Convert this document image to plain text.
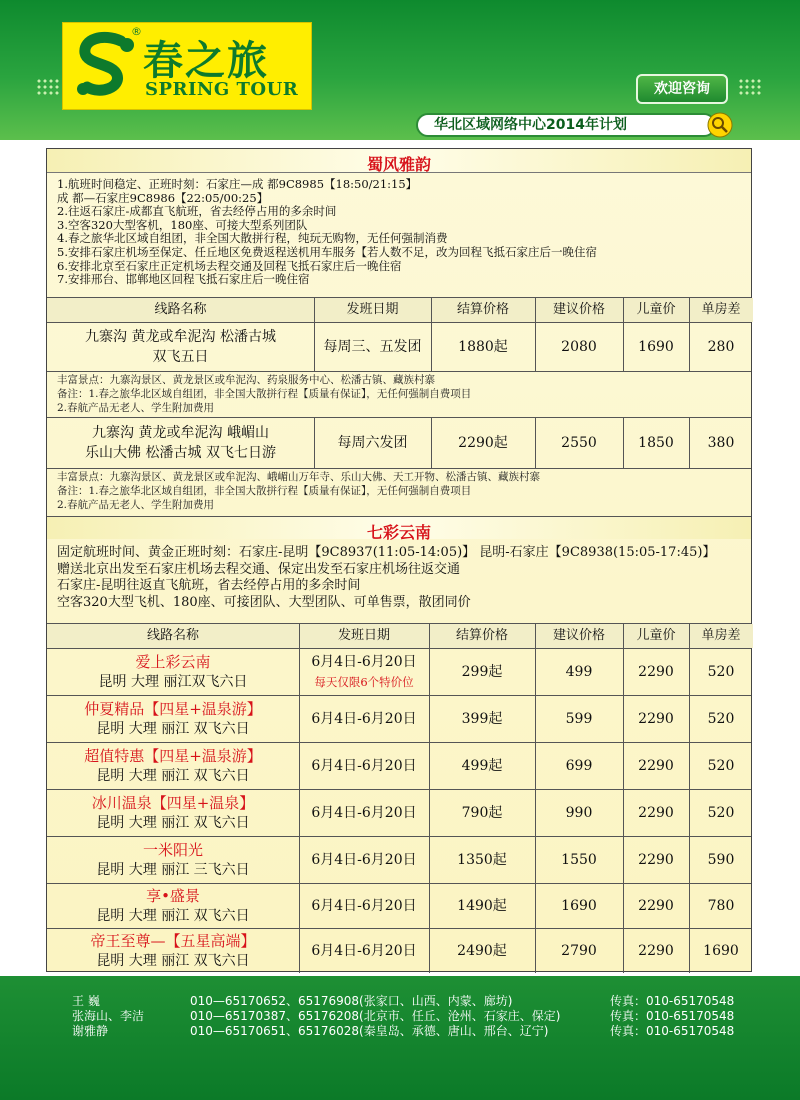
®
春之旅
SPRING TOUR	欢迎咨询
华北区域网络中心2014年计划
蜀风雅韵
1.航班时间稳定、正班时刻：石家庄—成 都9C8985【18:50/21:15】
成 都—石家庄9C8986【22:05/00:25】
2.往返石家庄-成都直飞航班，省去经停占用的多余时间
3.空客320大型客机，180座、可接大型系列团队
4.春之旅华北区域自组团，非全国大散拼行程，纯玩无购物，无任何强制消费
5.安排石家庄机场至保定、任丘地区免费返程送机用车服务【若人数不足，改为回程飞抵石家庄后一晚住宿
6.安排北京至石家庄正定机场去程交通及回程飞抵石家庄后一晚住宿
7.安排邢台、邯郸地区回程飞抵石家庄后一晚住宿
线路名称	发班日期	结算价格	建议价格	儿童价	单房差
九寨沟 黄龙或牟泥沟 松潘古城
双飞五日
每周三、五发团	1880起	2080	1690	280
丰富景点：九寨沟景区、黄龙景区或牟泥沟、药泉服务中心、松潘古镇、藏族村寨
备注：1.春之旅华北区域自组团，非全国大散拼行程【质量有保证】，无任何强制自费项目
2.春航产品无老人、学生附加费用
九寨沟 黄龙或牟泥沟 峨嵋山
乐山大佛 松潘古城 双飞七日游
每周六发团	2290起	2550	1850	380
丰富景点：九寨沟景区、黄龙景区或牟泥沟、峨嵋山万年寺、乐山大佛、天工开物、松潘古镇、藏族村寨
备注：1.春之旅华北区域自组团，非全国大散拼行程【质量有保证】，无任何强制自费项目
2.春航产品无老人、学生附加费用
七彩云南
固定航班时间、黄金正班时刻：石家庄-昆明【9C8937(11:05-14:05)】 昆明-石家庄【9C8938(15:05-17:45)】
赠送北京出发至石家庄机场去程交通、保定出发至石家庄机场往返交通
石家庄-昆明往返直飞航班，省去经停占用的多余时间
空客320大型飞机、180座、可接团队、大型团队、可单售票，散团同价
线路名称	发班日期	结算价格	建议价格	儿童价	单房差
爱上彩云南
昆明 大理 丽江双飞六日
6月4日-6月20日
每天仅限6个特价位
299起	499	2290	520
仲夏精品【四星+温泉游】
昆明 大理 丽江 双飞六日
6月4日-6月20日	399起	599	2290	520
超值特惠【四星+温泉游】
昆明 大理 丽江 双飞六日
6月4日-6月20日	499起	699	2290	520
冰川温泉【四星+温泉】
昆明 大理 丽江 双飞六日
6月4日-6月20日	790起	990	2290	520
一米阳光
昆明 大理 丽江 三飞六日
6月4日-6月20日	1350起	1550	2290	590
享•盛景
昆明 大理 丽江 双飞六日
6月4日-6月20日	1490起	1690	2290	780
帝王至尊—【五星高端】
昆明 大理 丽江 双飞六日
6月4日-6月20日	2490起	2790	2290	1690
王 巍	010—65170652、65176908(张家口、山西、内蒙、廊坊)	传真：010-65170548
张海山、李洁	010—65170387、65176208(北京市、任丘、沧州、石家庄、保定)	传真：010-65170548
谢雅静	010—65170651、65176028(秦皇岛、承德、唐山、邢台、辽宁)	传真：010-65170548
